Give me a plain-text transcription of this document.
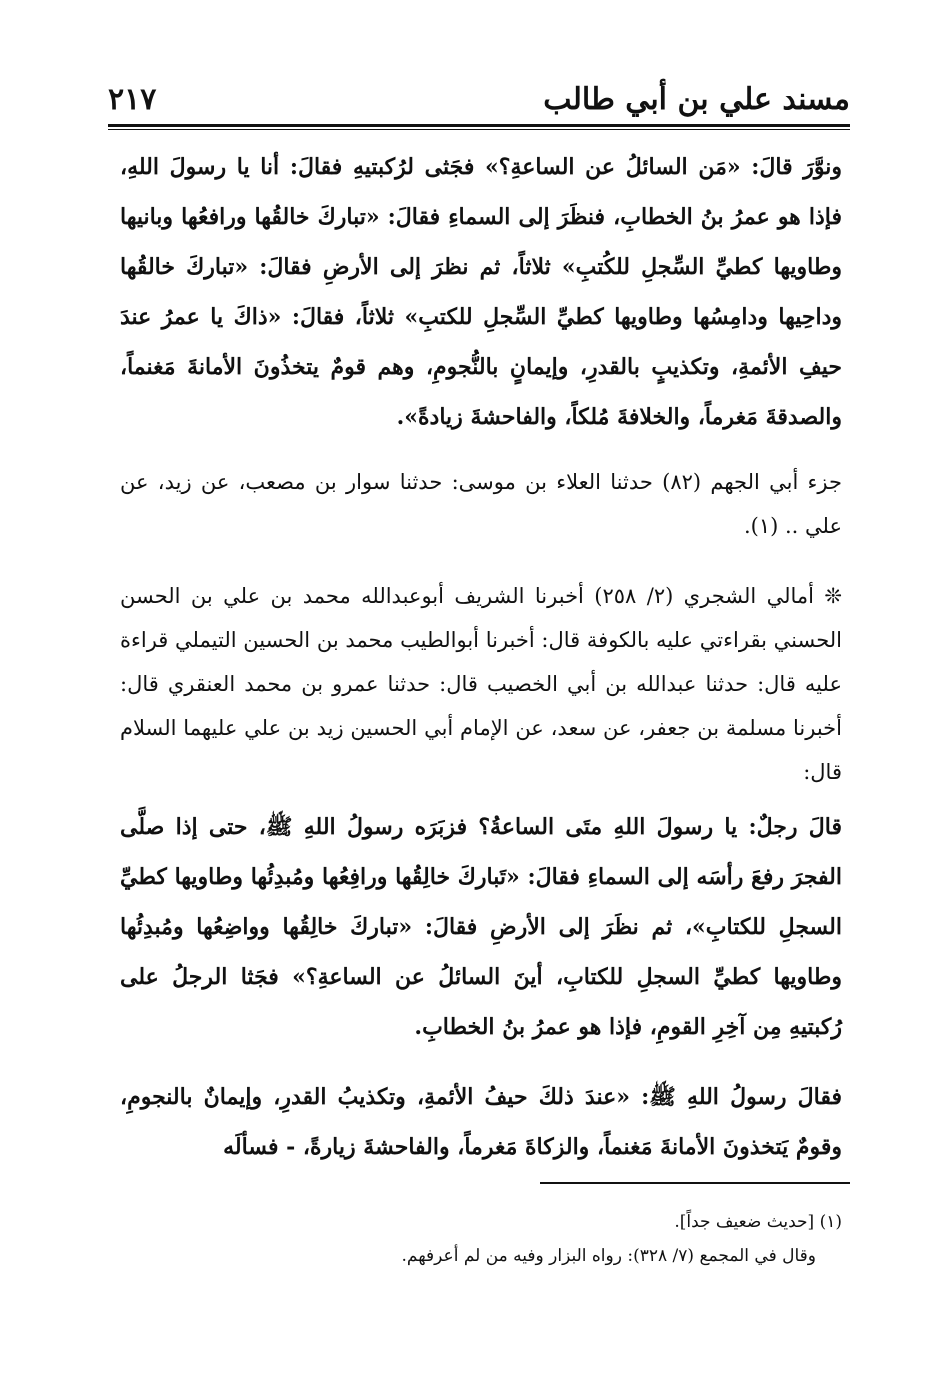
مسند علي بن أبي طالب
٢١٧
ونوَّرَ قالَ: «مَن السائلُ عن الساعةِ؟» فجَثى لرُكبتيهِ فقالَ: أنا يا رسولَ اللهِ، فإذا هو عمرُ بنُ الخطابِ، فنظَرَ إلى السماءِ فقالَ: «تباركَ خالقُها ورافعُها وبانيها وطاويها كطيِّ السِّجلِ للكُتبِ» ثلاثاً، ثم نظرَ إلى الأرضِ فقالَ: «تباركَ خالقُها وداحِيها ودامِسُها وطاويها كطيِّ السِّجلِ للكتبِ» ثلاثاً، فقالَ: «ذاكَ يا عمرُ عندَ حيفِ الأئمةِ، وتكذيبٍ بالقدرِ، وإيمانٍ بالنُّجومِ، وهم قومٌ يتخذُونَ الأمانةَ مَغنماً، والصدقةَ مَغرماً، والخلافةَ مُلكاً، والفاحشةَ زيادةً».
جزء أبي الجهم (٨٢) حدثنا العلاء بن موسى: حدثنا سوار بن مصعب، عن زيد، عن علي .. (١).
❊ أمالي الشجري (٢/ ٢٥٨) أخبرنا الشريف أبوعبدالله محمد بن علي بن الحسن الحسني بقراءتي عليه بالكوفة قال: أخبرنا أبوالطيب محمد بن الحسين التيملي قراءة عليه قال: حدثنا عبدالله بن أبي الخصيب قال: حدثنا عمرو بن محمد العنقري قال: أخبرنا مسلمة بن جعفر، عن سعد، عن الإمام أبي الحسين زيد بن علي عليهما السلام قال:
قالَ رجلٌ: يا رسولَ اللهِ متَى الساعةُ؟ فزبَرَه رسولُ اللهِ ﷺ، حتى إذا صلَّى الفجرَ رفعَ رأسَه إلى السماءِ فقالَ: «تَباركَ خالِقُها ورافِعُها ومُبدِئُها وطاويها كطيِّ السجلِ للكتابِ»، ثم نظَرَ إلى الأرضِ فقالَ: «تباركَ خالِقُها وواضِعُها ومُبدِئُها وطاويها كطيِّ السجلِ للكتابِ، أينَ السائلُ عن الساعةِ؟» فجَثا الرجلُ على رُكبتيهِ مِن آخِرِ القومِ، فإذا هو عمرُ بنُ الخطابِ.
فقالَ رسولُ اللهِ ﷺ: «عندَ ذلكَ حيفُ الأئمةِ، وتكذيبُ القدرِ، وإيمانٌ بالنجومِ، وقومٌ يَتخذونَ الأمانةَ مَغنماً، والزكاةَ مَغرماً، والفاحشةَ زيارةً، - فسألَه
(١) [حديث ضعيف جداً].
وقال في المجمع (٧/ ٣٢٨): رواه البزار وفيه من لم أعرفهم.
